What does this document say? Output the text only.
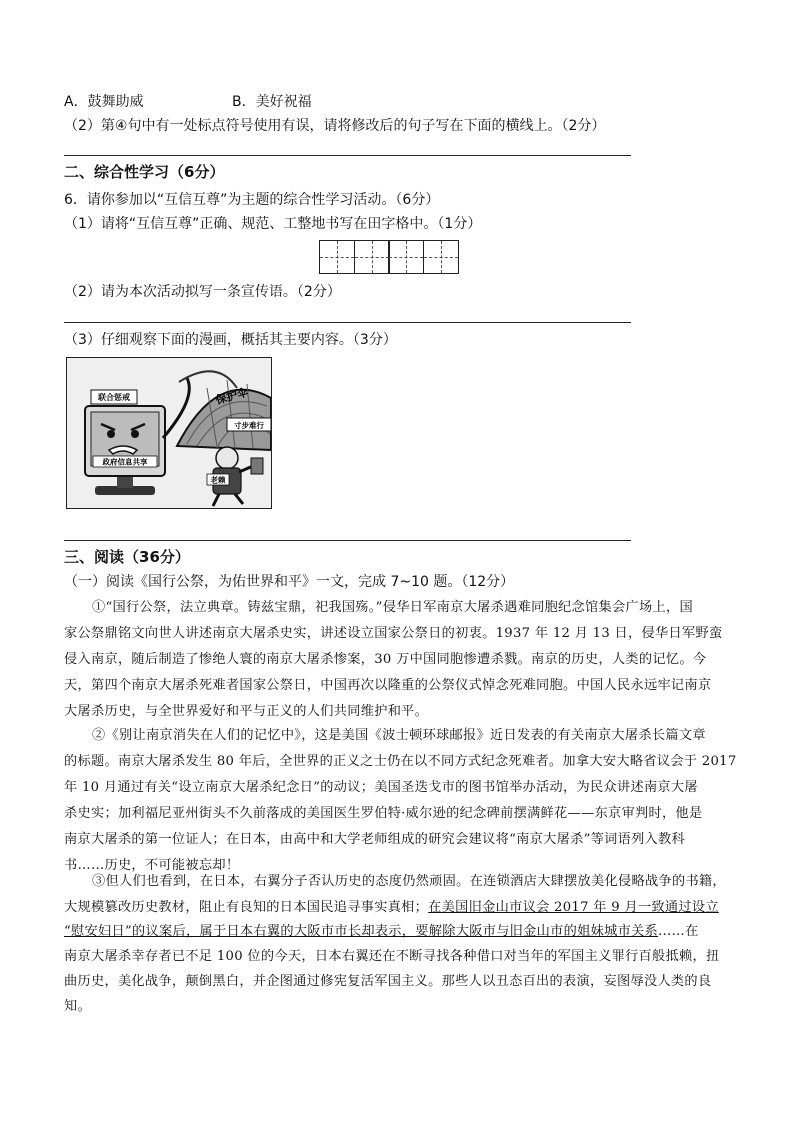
A．鼓舞助威	B．美好祝福
（2）第④句中有一处标点符号使用有误，请将修改后的句子写在下面的横线上。（2分）
二、综合性学习（6分）
6．请你参加以“互信互尊”为主题的综合性学习活动。（6分）
（1）请将“互信互尊”正确、规范、工整地书写在田字格中。（1分）
（2）请为本次活动拟写一条宣传语。（2分）
（3）仔细观察下面的漫画，概括其主要内容。（3分）
政府信息共享
联合惩戒	保护伞
寸步难行
老赖
三、阅读（36分）
（一）阅读《国行公祭，为佑世界和平》一文，完成 7~10 题。（12分）
①“国行公祭，法立典章。铸兹宝鼎，祀我国殇。”侵华日军南京大屠杀遇难同胞纪念馆集会广场上，国
家公祭鼎铭文向世人讲述南京大屠杀史实，讲述设立国家公祭日的初衷。1937 年 12 月 13 日，侵华日军野蛮
侵入南京，随后制造了惨绝人寰的南京大屠杀惨案，30 万中国同胞惨遭杀戮。南京的历史，人类的记忆。今
天，第四个南京大屠杀死难者国家公祭日，中国再次以隆重的公祭仪式悼念死难同胞。中国人民永远牢记南京
大屠杀历史，与全世界爱好和平与正义的人们共同维护和平。
②《别让南京消失在人们的记忆中》，这是美国《波士顿环球邮报》近日发表的有关南京大屠杀长篇文章
的标题。南京大屠杀发生 80 年后，全世界的正义之士仍在以不同方式纪念死难者。加拿大安大略省议会于 2017
年 10 月通过有关“设立南京大屠杀纪念日”的动议；美国圣迭戈市的图书馆举办活动，为民众讲述南京大屠
杀史实；加利福尼亚州街头不久前落成的美国医生罗伯特·威尔逊的纪念碑前摆满鲜花——东京审判时，他是
南京大屠杀的第一位证人；在日本，由高中和大学老师组成的研究会建议将“南京大屠杀”等词语列入教科
书……历史，不可能被忘却！
③但人们也看到，在日本，右翼分子否认历史的态度仍然顽固。在连锁酒店大肆摆放美化侵略战争的书籍，
大规模篡改历史教材，阻止有良知的日本国民追寻事实真相；在美国旧金山市议会 2017 年 9 月一致通过设立
“慰安妇日”的议案后，属于日本右翼的大阪市市长却表示，要解除大阪市与旧金山市的姐妹城市关系……在
南京大屠杀幸存者已不足 100 位的今天，日本右翼还在不断寻找各种借口对当年的军国主义罪行百般抵赖，扭
曲历史，美化战争，颠倒黑白，并企图通过修宪复活军国主义。那些人以丑态百出的表演，妄图辱没人类的良
知。
